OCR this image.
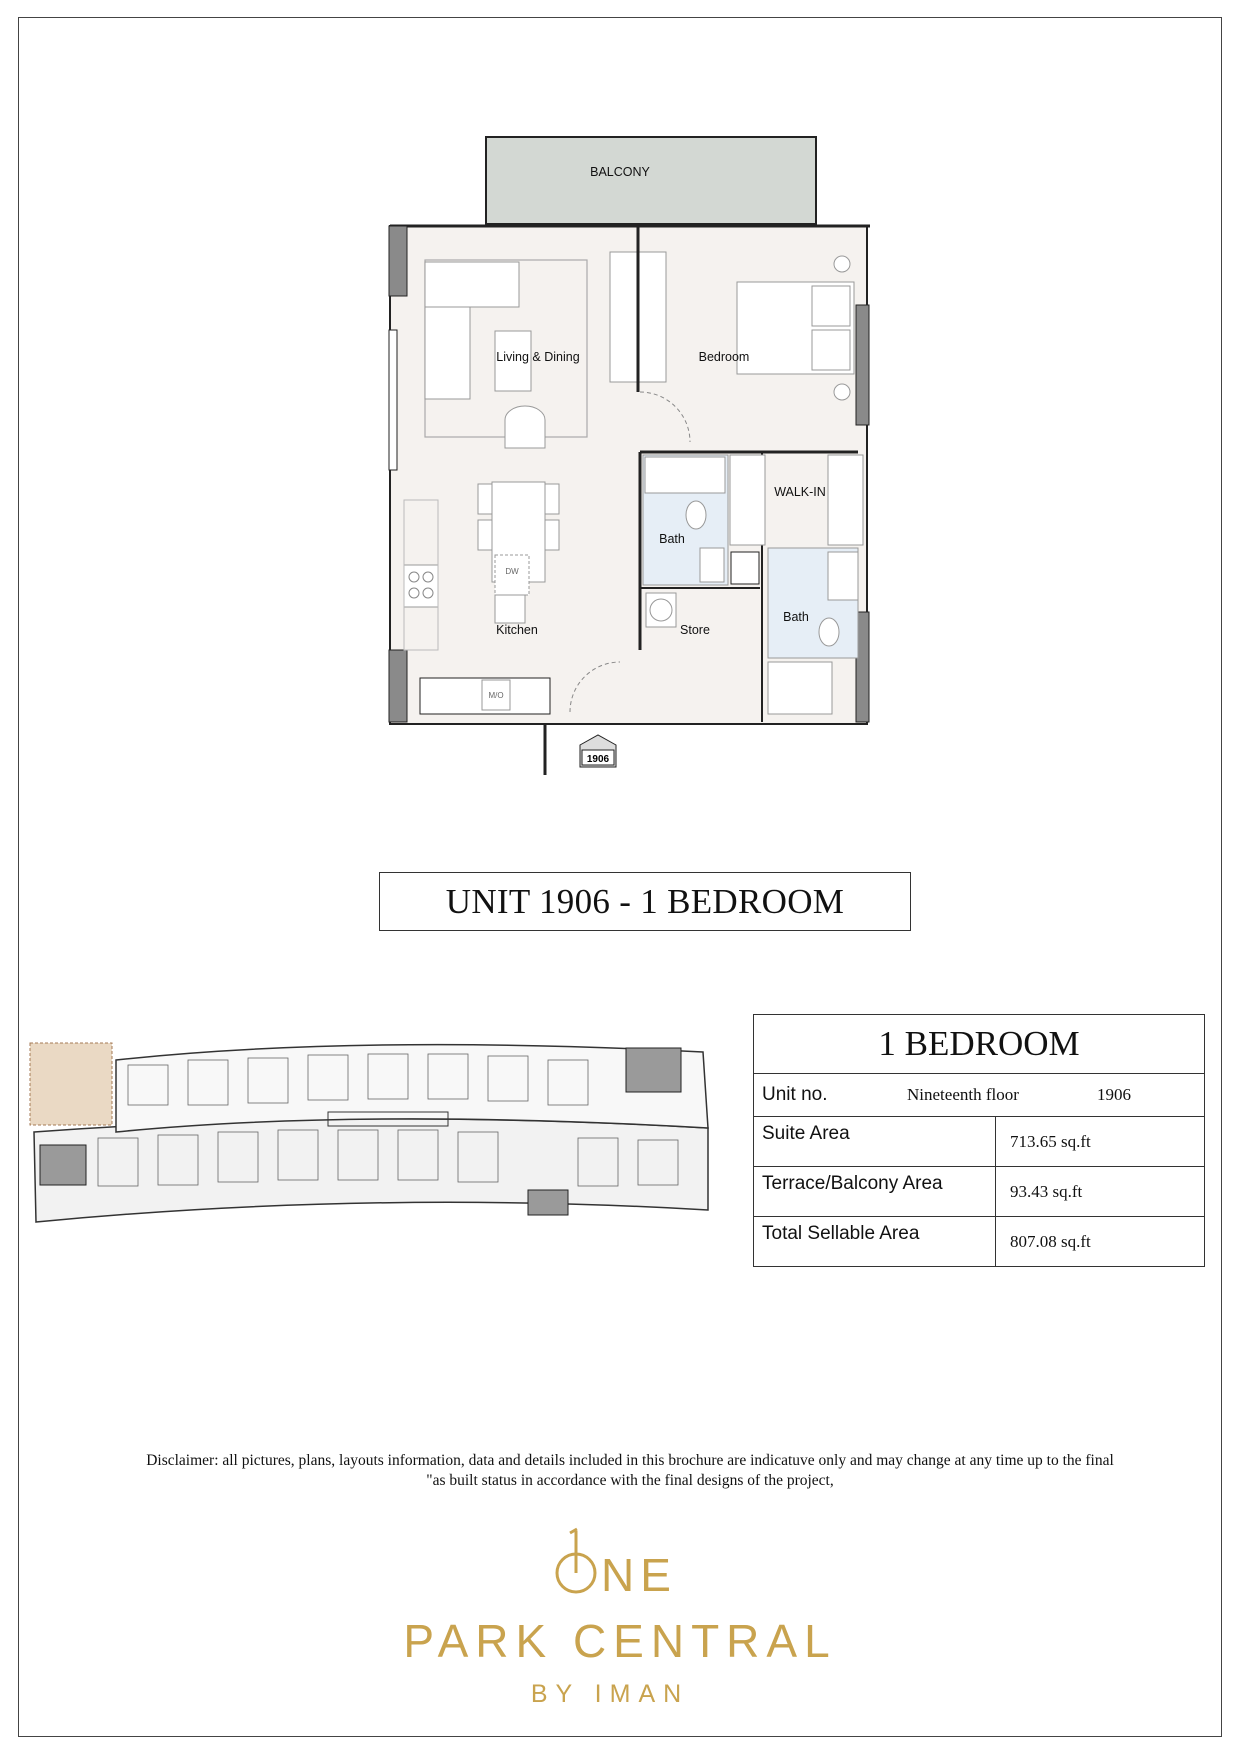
BALCONY
Living & Dining	Bedroom
Bath
WALK-IN
Bath
Store
DW
M/O
Kitchen
1906
UNIT 1906 - 1 BEDROOM
1 BEDROOM	

Unit no. Nineteenth floor 1906	

Suite Area	713.65 sq.ft
Terrace/Balcony Area	93.43 sq.ft
Total Sellable Area	807.08 sq.ft
Disclaimer: all pictures, plans, layouts information, data and details included in this brochure are indicatuve only and may change at any time up to the final
"as built status in accordance with the final designs of the project,
NE
PARK CENTRAL
BY IMAN
